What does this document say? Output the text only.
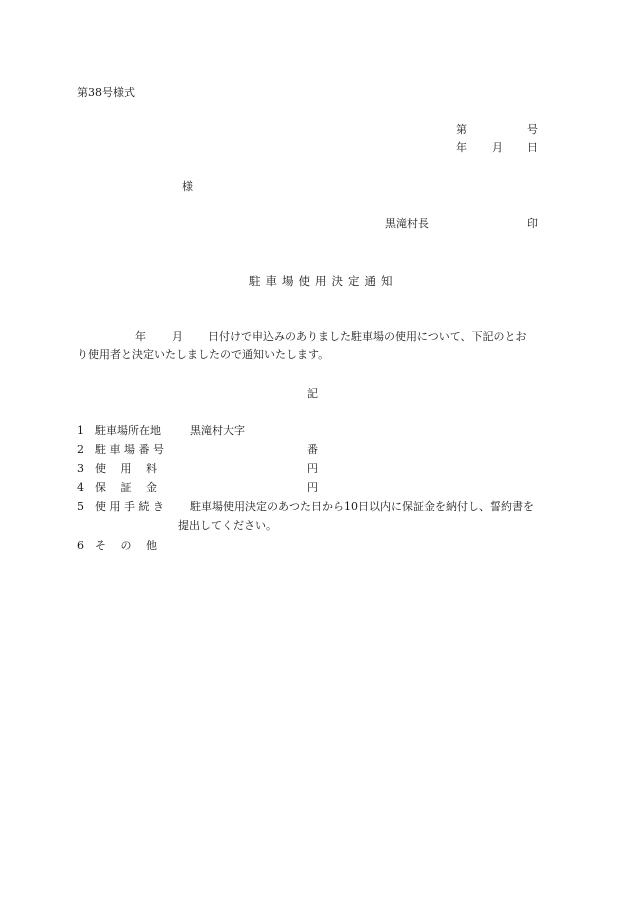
第38号様式
第	号
年 月 日
様
黒滝村長	印
駐車場使用決定通知
年 月 日付けで申込みのありました駐車場の使用について、下記のとお
り使用者と決定いたしましたので通知いたします。
記
1 駐車場所在地	黒滝村大字
2 駐 車 場 番 号	番
3 使　 用　 料	円
4 保　 証　 金	円
5 使 用 手 続 き 駐車場使用決定のあつた日から10日以内に保証金を納付し、誓約書を
提出してください。
6 そ　 の　 他
